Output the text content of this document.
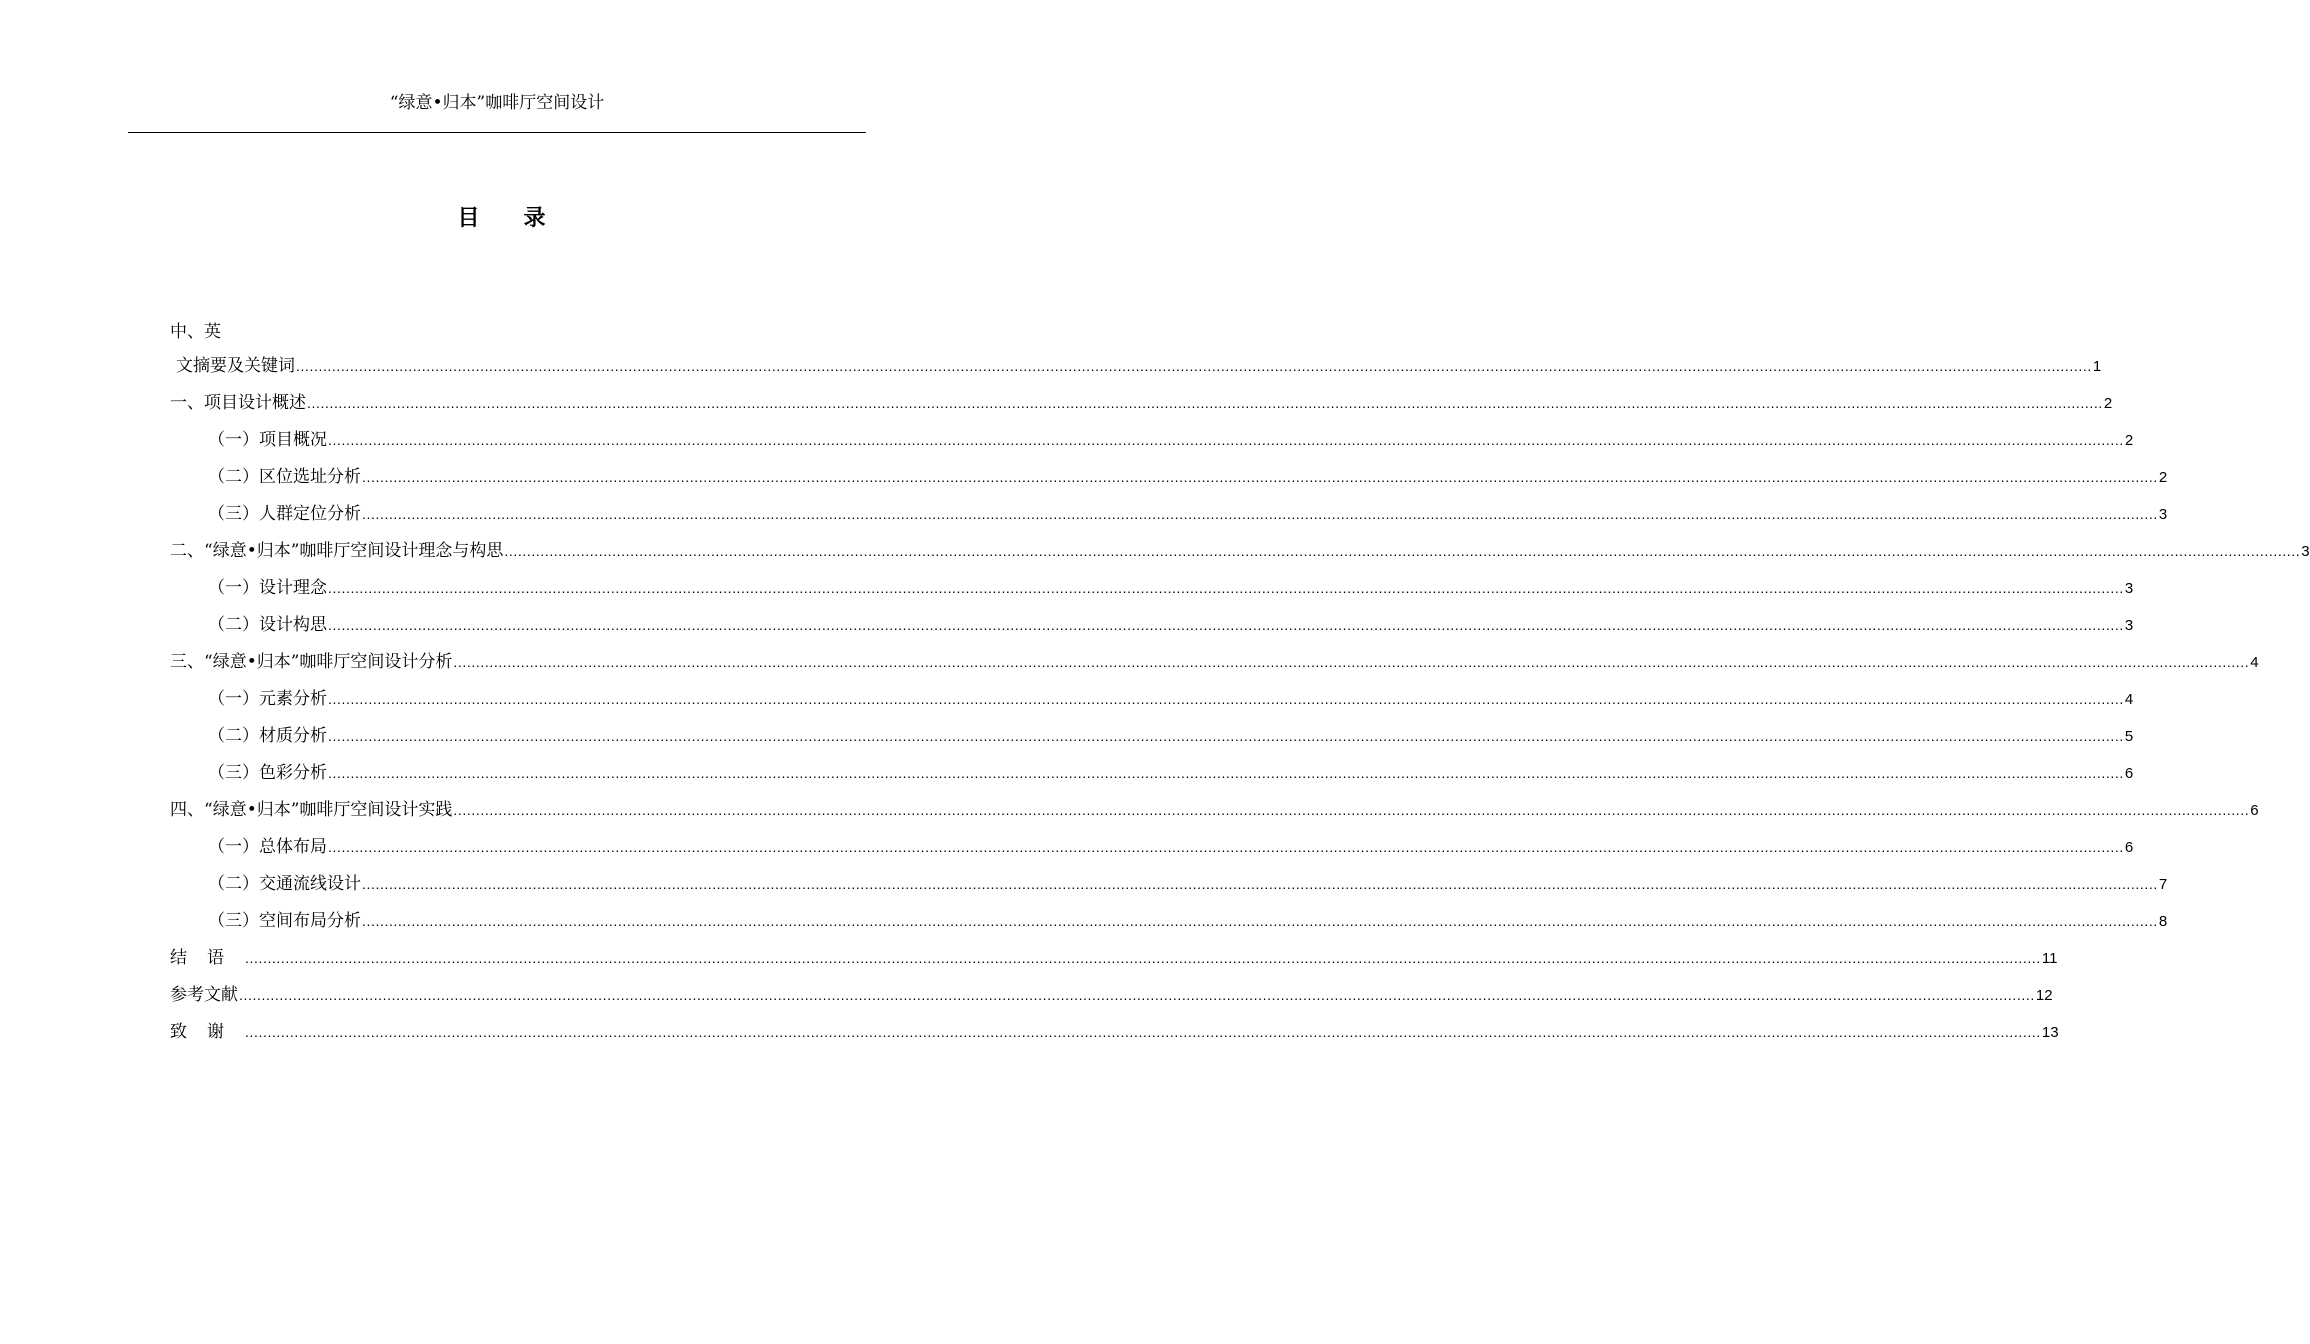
“绿意•归本”咖啡厅空间设计
目 录
中、英
文摘要及关键词 ................................................................................................................................................................................................................................................................................................................................................................................................................ 1
一、项目设计概述 ................................................................................................................................................................................................................................................................................................................................................................................................................ 2
（一）项目概况 ................................................................................................................................................................................................................................................................................................................................................................................................................ 2
（二）区位选址分析 ................................................................................................................................................................................................................................................................................................................................................................................................................ 2
（三）人群定位分析 ................................................................................................................................................................................................................................................................................................................................................................................................................ 3
二、“绿意•归本”咖啡厅空间设计理念与构思 ................................................................................................................................................................................................................................................................................................................................................................................................................ 3
（一）设计理念 ................................................................................................................................................................................................................................................................................................................................................................................................................ 3
（二）设计构思 ................................................................................................................................................................................................................................................................................................................................................................................................................ 3
三、“绿意•归本”咖啡厅空间设计分析 ................................................................................................................................................................................................................................................................................................................................................................................................................ 4
（一）元素分析 ................................................................................................................................................................................................................................................................................................................................................................................................................ 4
（二）材质分析 ................................................................................................................................................................................................................................................................................................................................................................................................................ 5
（三）色彩分析 ................................................................................................................................................................................................................................................................................................................................................................................................................ 6
四、“绿意•归本”咖啡厅空间设计实践 ................................................................................................................................................................................................................................................................................................................................................................................................................ 6
（一）总体布局 ................................................................................................................................................................................................................................................................................................................................................................................................................ 6
（二）交通流线设计 ................................................................................................................................................................................................................................................................................................................................................................................................................ 7
（三）空间布局分析 ................................................................................................................................................................................................................................................................................................................................................................................................................ 8
结语 ................................................................................................................................................................................................................................................................................................................................................................................................................ 11
参考文献 ................................................................................................................................................................................................................................................................................................................................................................................................................ 12
致谢 ................................................................................................................................................................................................................................................................................................................................................................................................................ 13
